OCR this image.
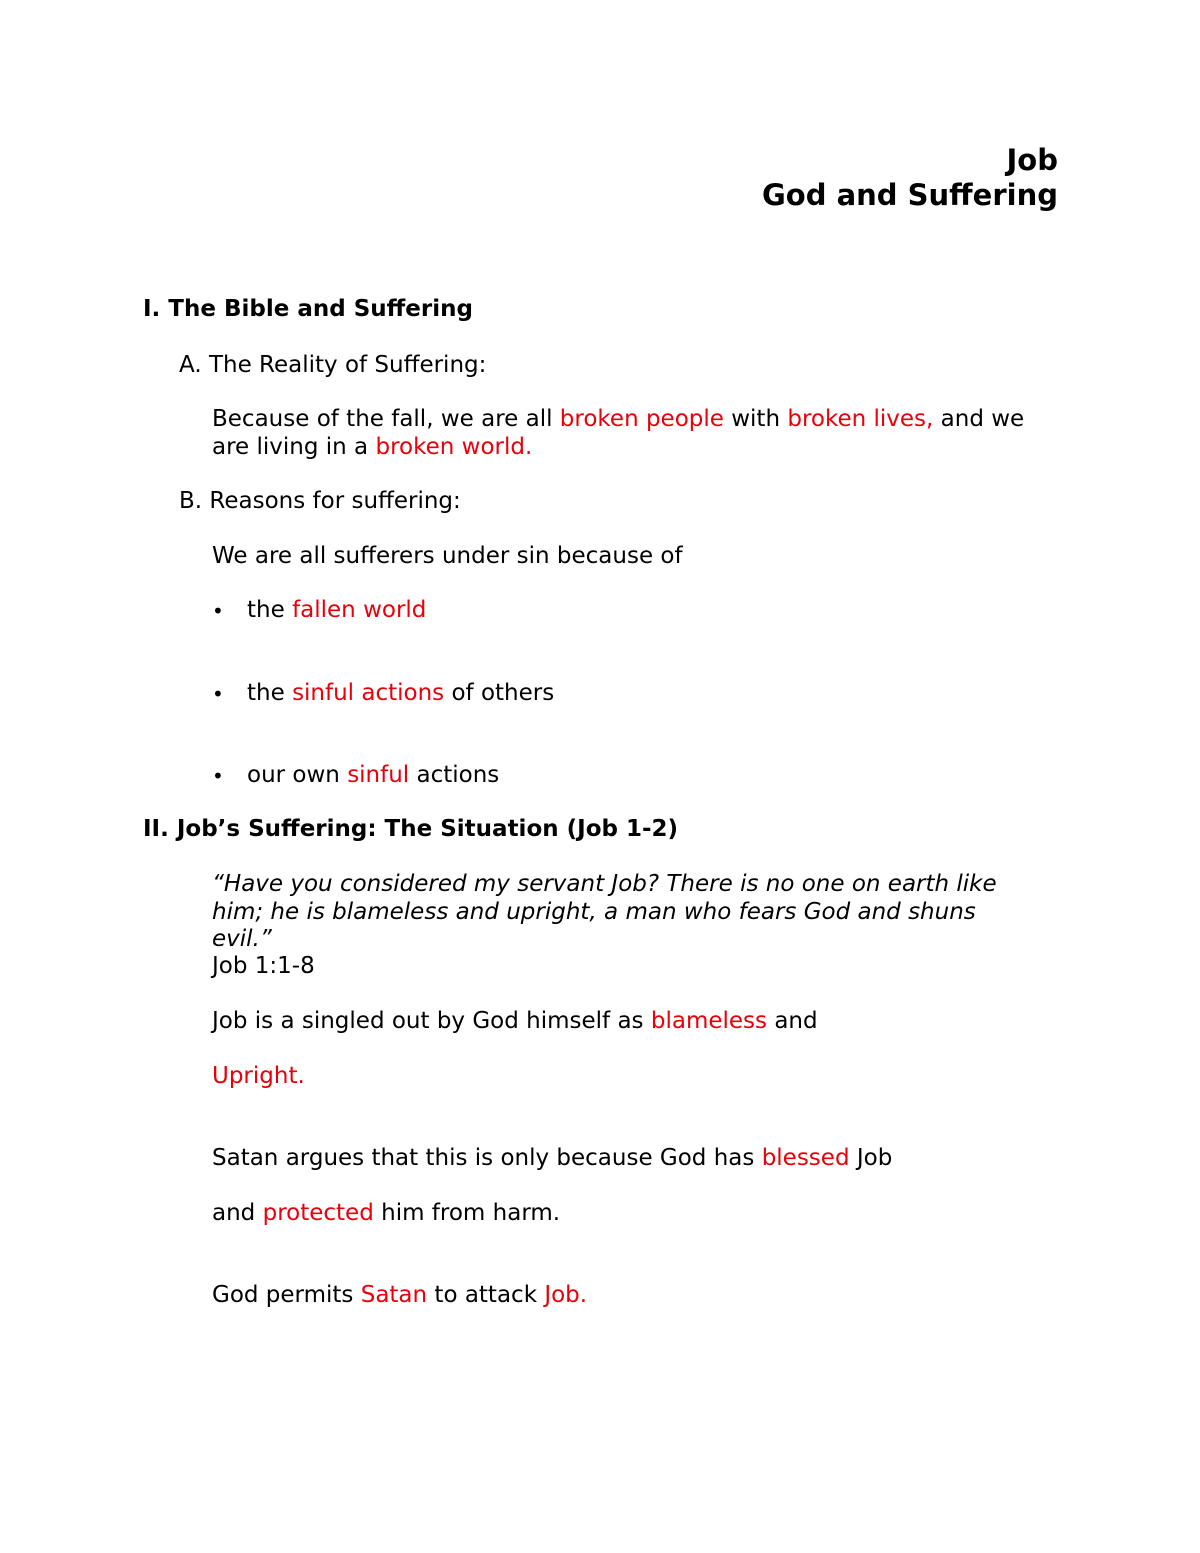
Job
God and Suffering
I. The Bible and Suffering
A. The Reality of Suffering:
Because of the fall, we are all broken people with broken lives, and we
are living in a broken world.
B. Reasons for suffering:
We are all sufferers under sin because of
• the fallen world
• the sinful actions of others
• our own sinful actions
II. Job’s Suffering: The Situation (Job 1-2)
“Have you considered my servant Job? There is no one on earth like
him; he is blameless and upright, a man who fears God and shuns
evil.”
Job 1:1-8
Job is a singled out by God himself as blameless and
Upright.
Satan argues that this is only because God has blessed Job
and protected him from harm.
God permits Satan to attack Job.
